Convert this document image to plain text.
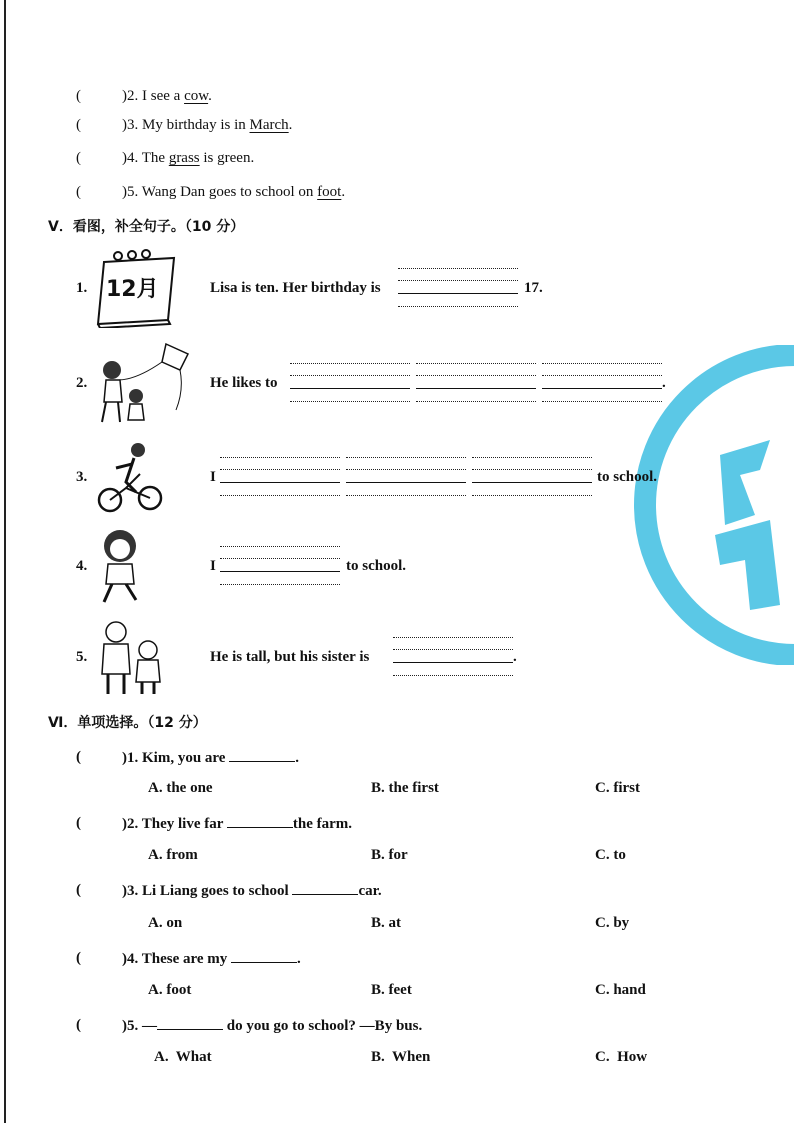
(	)2. I see a cow.
(	)3. My birthday is in March.
(	)4. The grass is green.
(	)5. Wang Dan goes to school on foot.
V．看图，补全句子。（10 分）
1. 12月	Lisa is ten. Her birthday is	17.
2.	He likes to	.
3.	I	to school.
4.	I	to school.
5.	He is tall, but his sister is	.
Ⅵ．单项选择。（12 分）
(	)1. Kim, you are	.
A. the one	B. the first	C. first
(	)2. They live far	the farm.
A. from	B. for	C. to
(	)3. Li Liang goes to school	car.
A. on	B. at	C. by
(	)4. These are my	.
A. foot	B. feet	C. hand
(	)5. —	do you go to school? —By bus.
A.  What	B.  When	C.  How
